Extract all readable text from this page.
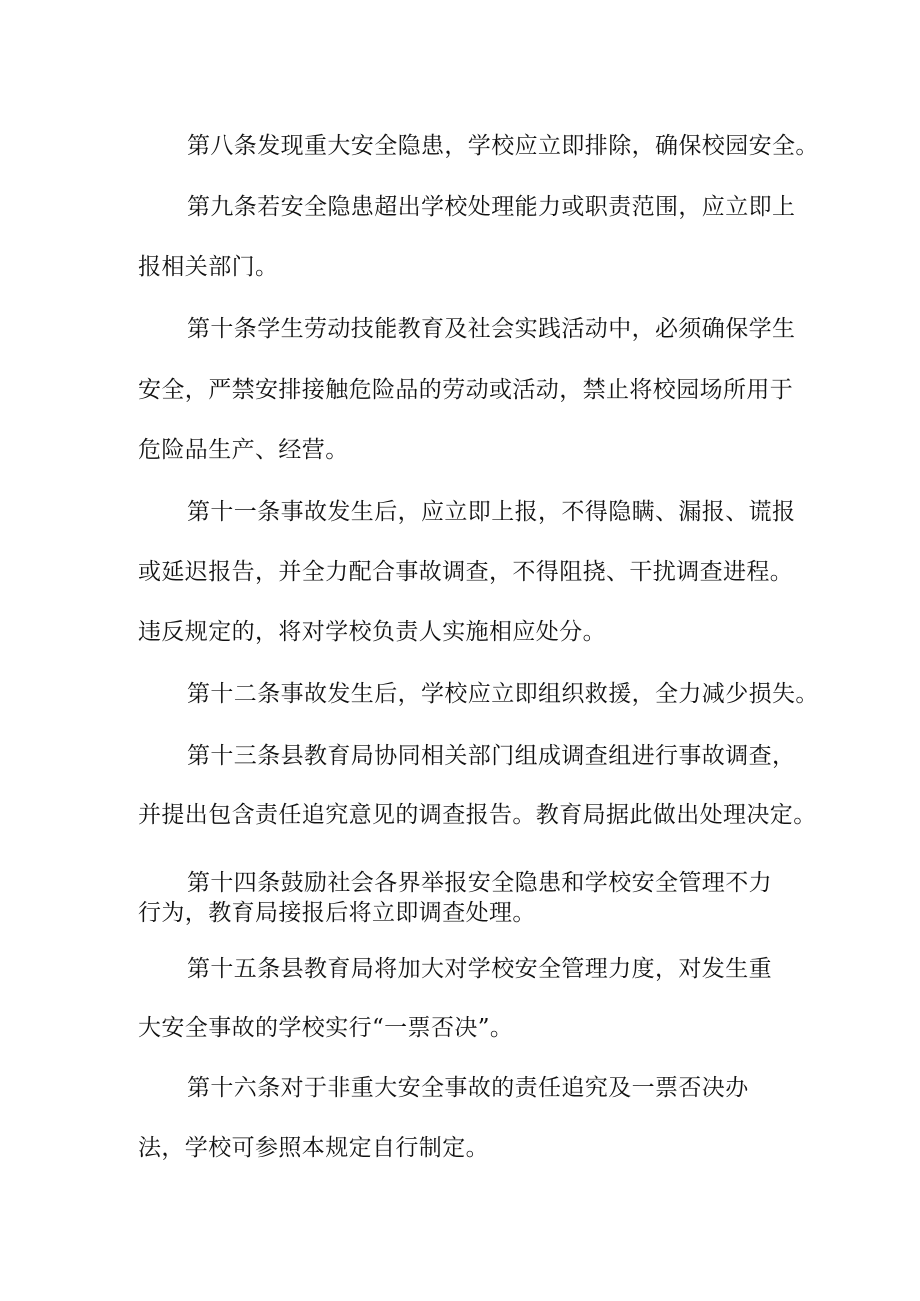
第八条发现重大安全隐患，学校应立即排除，确保校园安全。
第九条若安全隐患超出学校处理能力或职责范围，应立即上
报相关部门。
第十条学生劳动技能教育及社会实践活动中，必须确保学生
安全，严禁安排接触危险品的劳动或活动，禁止将校园场所用于
危险品生产、经营。
第十一条事故发生后，应立即上报，不得隐瞒、漏报、谎报
或延迟报告，并全力配合事故调查，不得阻挠、干扰调查进程。
违反规定的，将对学校负责人实施相应处分。
第十二条事故发生后，学校应立即组织救援，全力减少损失。
第十三条县教育局协同相关部门组成调查组进行事故调查，
并提出包含责任追究意见的调查报告。教育局据此做出处理决定。
第十四条鼓励社会各界举报安全隐患和学校安全管理不力
行为，教育局接报后将立即调查处理。
第十五条县教育局将加大对学校安全管理力度，对发生重
大安全事故的学校实行“一票否决”。
第十六条对于非重大安全事故的责任追究及一票否决办
法，学校可参照本规定自行制定。
